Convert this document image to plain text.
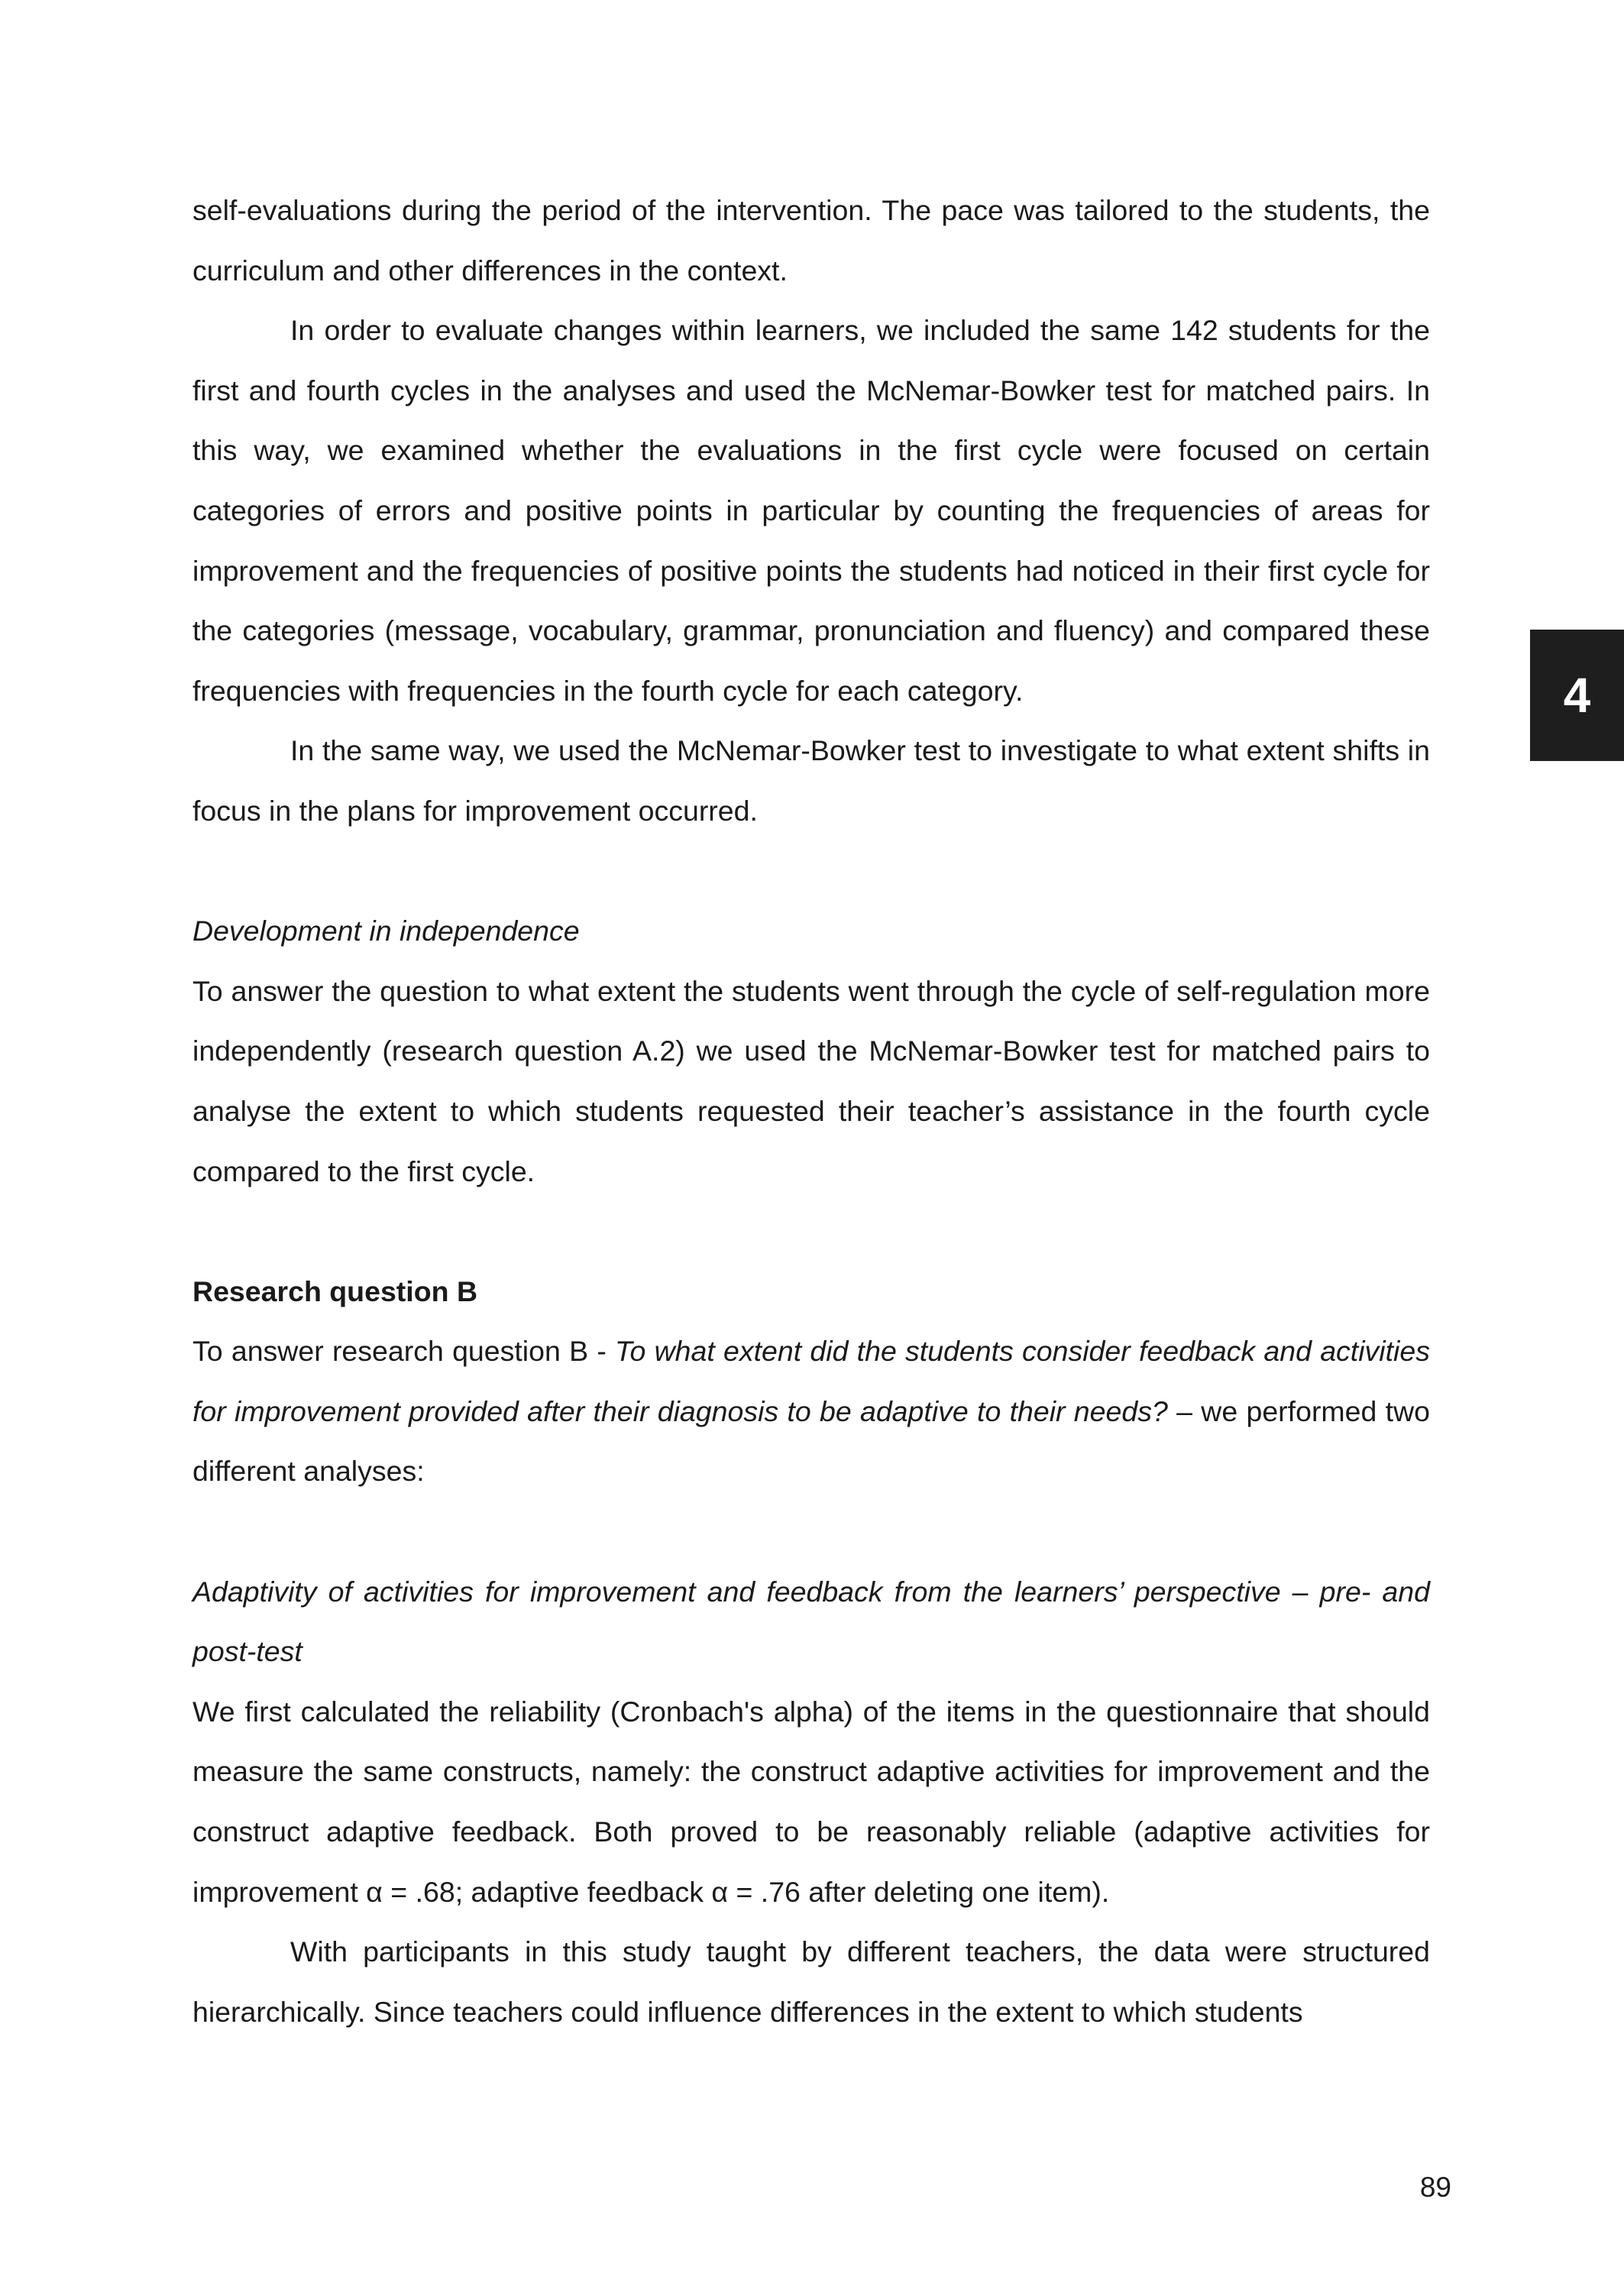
self-evaluations during the period of the intervention. The pace was tailored to the students, the curriculum and other differences in the context.

In order to evaluate changes within learners, we included the same 142 students for the first and fourth cycles in the analyses and used the McNemar-Bowker test for matched pairs. In this way, we examined whether the evaluations in the first cycle were focused on certain categories of errors and positive points in particular by counting the frequencies of areas for improvement and the frequencies of positive points the students had noticed in their first cycle for the categories (message, vocabulary, grammar, pronunciation and fluency) and compared these frequencies with frequencies in the fourth cycle for each category.

In the same way, we used the McNemar-Bowker test to investigate to what extent shifts in focus in the plans for improvement occurred.

Development in independence

To answer the question to what extent the students went through the cycle of self-regulation more independently (research question A.2) we used the McNemar-Bowker test for matched pairs to analyse the extent to which students requested their teacher’s assistance in the fourth cycle compared to the first cycle.

Research question B

To answer research question B - To what extent did the students consider feedback and activities for improvement provided after their diagnosis to be adaptive to their needs? – we performed two different analyses:

Adaptivity of activities for improvement and feedback from the learners’ perspective – pre- and post-test

We first calculated the reliability (Cronbach's alpha) of the items in the questionnaire that should measure the same constructs, namely: the construct adaptive activities for improvement and the construct adaptive feedback. Both proved to be reasonably reliable (adaptive activities for improvement α = .68; adaptive feedback α = .76 after deleting one item).

With participants in this study taught by different teachers, the data were structured hierarchically. Since teachers could influence differences in the extent to which students

4
89
